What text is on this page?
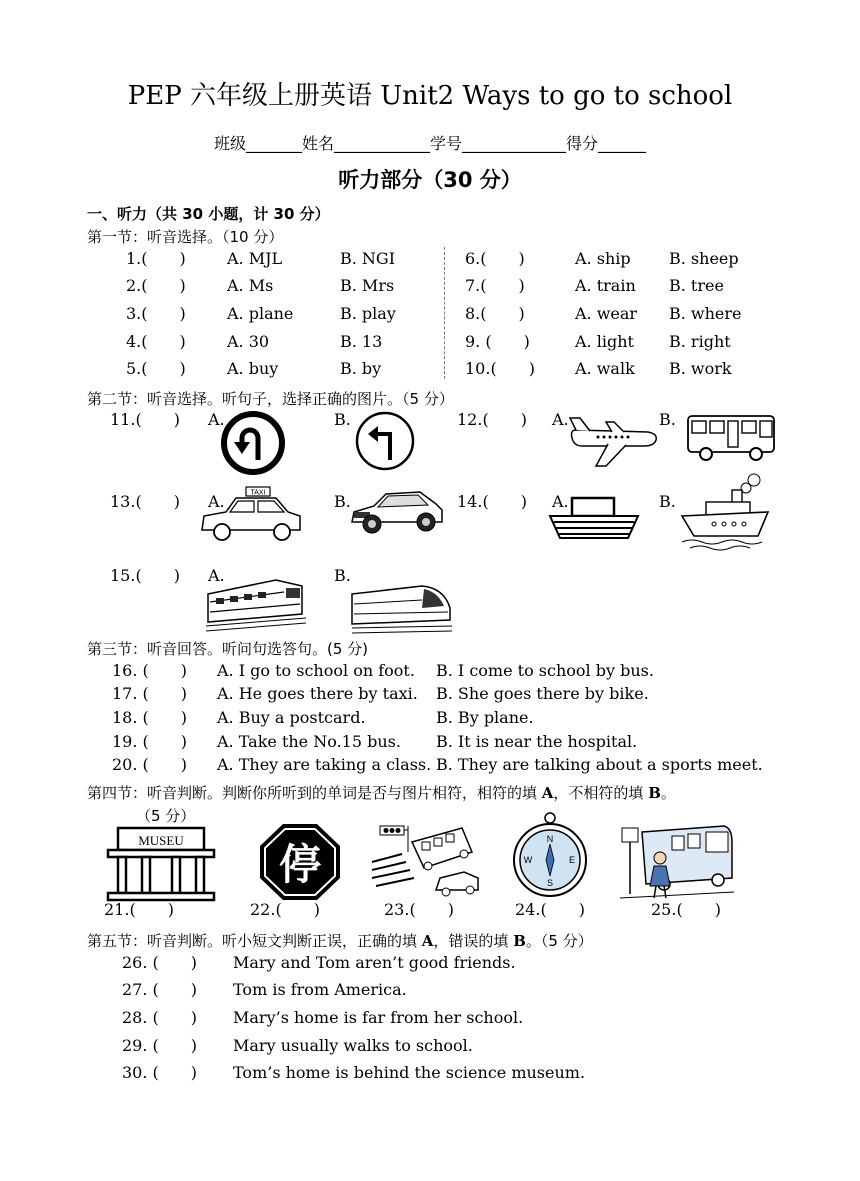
PEP 六年级上册英语 Unit2 Ways to go to school
班级_______姓名____________学号_____________得分______
听力部分（30 分）
一、听力（共 30 小题，计 30 分）
第一节：听音选择。（10 分）
1.(　　)	A. MJL	B. NGI
2.(　　)	A. Ms	B. Mrs
3.(　　)	A. plane	B. play
4.(　　)	A. 30	B. 13
5.(　　)	A. buy	B. by
6.(　　)	A. ship B. sheep
7.(　　)	A. train B. tree
8.(　　)	A. wear B. where
9. (　　)	A. light B. right
10.(　　)	A. walk B. work
第二节：听音选择。听句子，选择正确的图片。（5 分）
11.(　　) A.	B.	12.(　　) A.	B.
13.(　　) A.	TAXI	B.	14.(　　) A.	B.
15.(　　) A.	B.
第三节：听音回答。听问句选答句。(5 分)
16. (　　) A. I go to school on foot. B. I come to school by bus.
17. (　　) A. He goes there by taxi. B. She goes there by bike.
18. (　　) A. Buy a postcard.	B. By plane.
19. (　　) A. Take the No.15 bus. B. It is near the hospital.
20. (　　) A. They are taking a class. B. They are talking about a sports meet.
第四节：听音判断。判断你所听到的单词是否与图片相符，相符的填 A，不相符的填 B。
（5 分）
MUSEU 停
N
S
W	E
21.(　　)	22.(　　)	23.(　　)	24.(　　)	25.(　　)
第五节：听音判断。听小短文判断正误，正确的填 A，错误的填 B。（5 分）
26. (　　) Mary and Tom aren’t good friends.
27. (　　) Tom is from America.
28. (　　) Mary’s home is far from her school.
29. (　　) Mary usually walks to school.
30. (　　) Tom’s home is behind the science museum.
